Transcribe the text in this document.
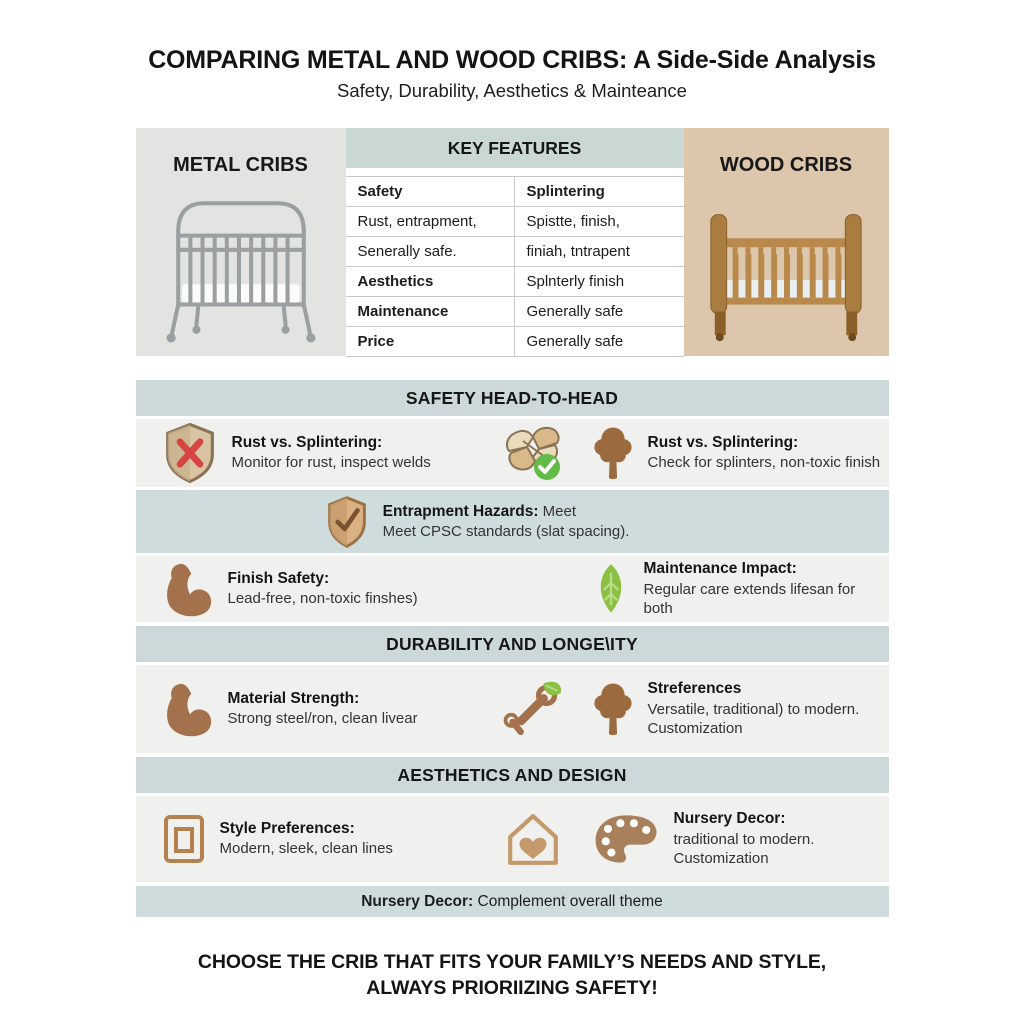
COMPARING METAL AND WOOD CRIBS: A Side-Side Analysis
Safety, Durability, Aesthetics & Mainteance
METAL CRIBS
KEY FEATURES
Safety	Splintering
Rust, entrapment,	Spistte, finish,
Senerally safe.	finiah, tntrapent
Aesthetics	Splnterly finish
Maintenance	Generally safe
Price	Generally safe
WOOD CRIBS
SAFETY HEAD-TO-HEAD
Rust vs. Splintering:
Monitor for rust, inspect welds
Rust vs. Splintering:
Check for splinters, non-toxic finish
Entrapment Hazards: Meet
Meet CPSC standards (slat spacing).
Finish Safety:
Lead-free, non-toxic finshes)
Maintenance Impact:
Regular care extends lifesan for both
DURABILITY AND LONGE\ITY
Material Strength:
Strong steel/ron, clean livear
Streferences
Versatile, traditional) to modern.
Customization
AESTHETICS AND DESIGN
Style Preferences:
Modern, sleek, clean lines
Nursery Decor:
traditional to modern.
Customization
Nursery Decor: Complement overall theme
CHOOSE THE CRIB THAT FITS YOUR FAMILY’S NEEDS AND STYLE, ALWAYS PRIORIIZING SAFETY!
